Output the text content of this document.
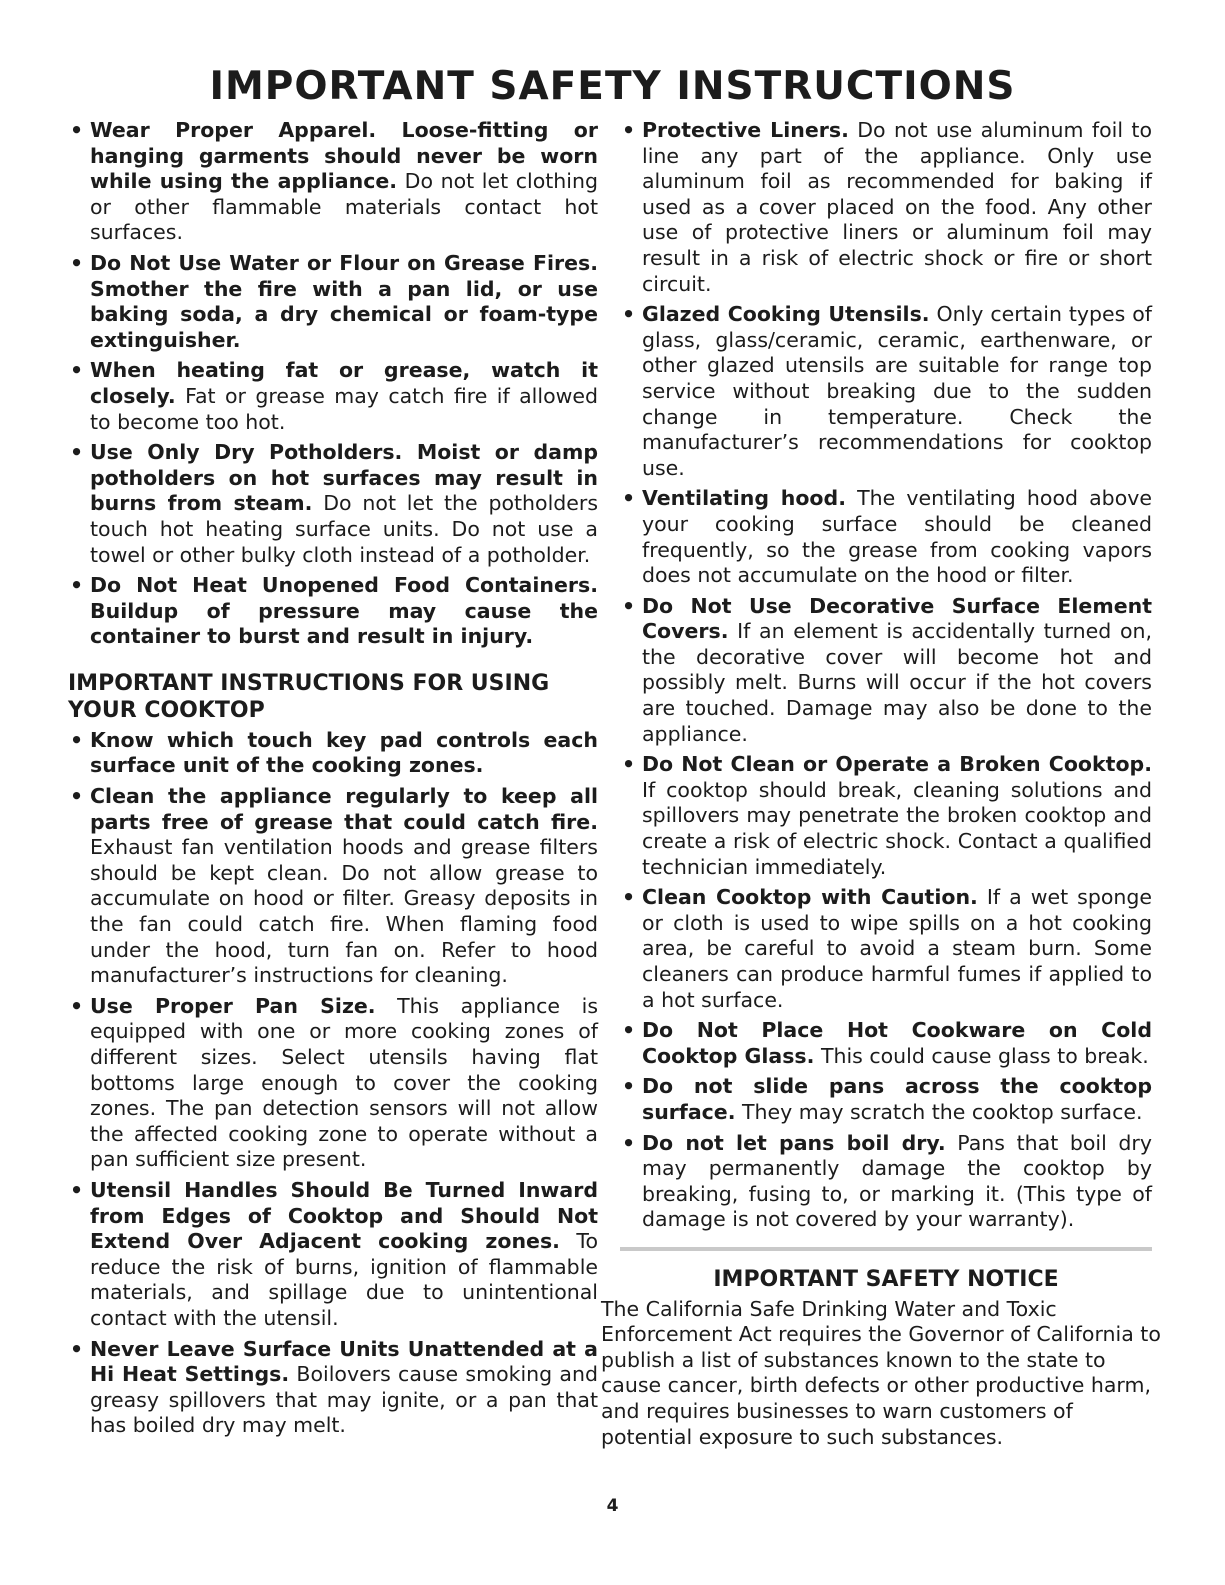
IMPORTANT SAFETY INSTRUCTIONS
• Wear Proper Apparel. Loose-fitting or hanging garments should never be worn while using the appliance. Do not let clothing or other flammable materials contact hot surfaces.
• Do Not Use Water or Flour on Grease Fires. Smother the fire with a pan lid, or use baking soda, a dry chemical or foam-type extinguisher.
• When heating fat or grease, watch it closely. Fat or grease may catch fire if allowed to become too hot.
• Use Only Dry Potholders. Moist or damp potholders on hot surfaces may result in burns from steam. Do not let the potholders touch hot heating surface units. Do not use a towel or other bulky cloth instead of a potholder.
• Do Not Heat Unopened Food Containers. Buildup of pressure may cause the container to burst and result in injury.
IMPORTANT INSTRUCTIONS FOR USING YOUR COOKTOP
• Know which touch key pad controls each surface unit of the cooking zones.
• Clean the appliance regularly to keep all parts free of grease that could catch fire. Exhaust fan ventilation hoods and grease filters should be kept clean. Do not allow grease to accumulate on hood or filter. Greasy deposits in the fan could catch fire. When flaming food under the hood, turn fan on. Refer to hood manufacturer’s instructions for cleaning.
• Use Proper Pan Size. This appliance is equipped with one or more cooking zones of different sizes. Select utensils having flat bottoms large enough to cover the cooking zones. The pan detection sensors will not allow the affected cooking zone to operate without a pan sufficient size present.
• Utensil Handles Should Be Turned Inward from Edges of Cooktop and Should Not Extend Over Adjacent cooking zones. To reduce the risk of burns, ignition of flammable materials, and spillage due to unintentional contact with the utensil.
• Never Leave Surface Units Unattended at a Hi Heat Settings. Boilovers cause smoking and greasy spillovers that may ignite, or a pan that has boiled dry may melt.
• Protective Liners. Do not use aluminum foil to line any part of the appliance. Only use aluminum foil as recommended for baking if used as a cover placed on the food. Any other use of protective liners or aluminum foil may result in a risk of electric shock or fire or short circuit.
• Glazed Cooking Utensils. Only certain types of glass, glass/ceramic, ceramic, earthenware, or other glazed utensils are suitable for range top service without breaking due to the sudden change in temperature. Check the manufacturer’s recommendations for cooktop use.
• Ventilating hood. The ventilating hood above your cooking surface should be cleaned frequently, so the grease from cooking vapors does not accumulate on the hood or filter.
• Do Not Use Decorative Surface Element Covers. If an element is accidentally turned on, the decorative cover will become hot and possibly melt. Burns will occur if the hot covers are touched. Damage may also be done to the appliance.
• Do Not Clean or Operate a Broken Cooktop. If cooktop should break, cleaning solutions and spillovers may penetrate the broken cooktop and create a risk of electric shock. Contact a qualified technician immediately.
• Clean Cooktop with Caution. If a wet sponge or cloth is used to wipe spills on a hot cooking area, be careful to avoid a steam burn. Some cleaners can produce harmful fumes if applied to a hot surface.
• Do Not Place Hot Cookware on Cold Cooktop Glass. This could cause glass to break.
• Do not slide pans across the cooktop surface. They may scratch the cooktop surface.
• Do not let pans boil dry. Pans that boil dry may permanently damage the cooktop by breaking, fusing to, or marking it. (This type of damage is not covered by your warranty).
IMPORTANT SAFETY NOTICE
The California Safe Drinking Water and Toxic Enforcement Act requires the Governor of California to publish a list of substances known to the state to cause cancer, birth defects or other productive harm, and requires businesses to warn customers of potential exposure to such substances.
4
